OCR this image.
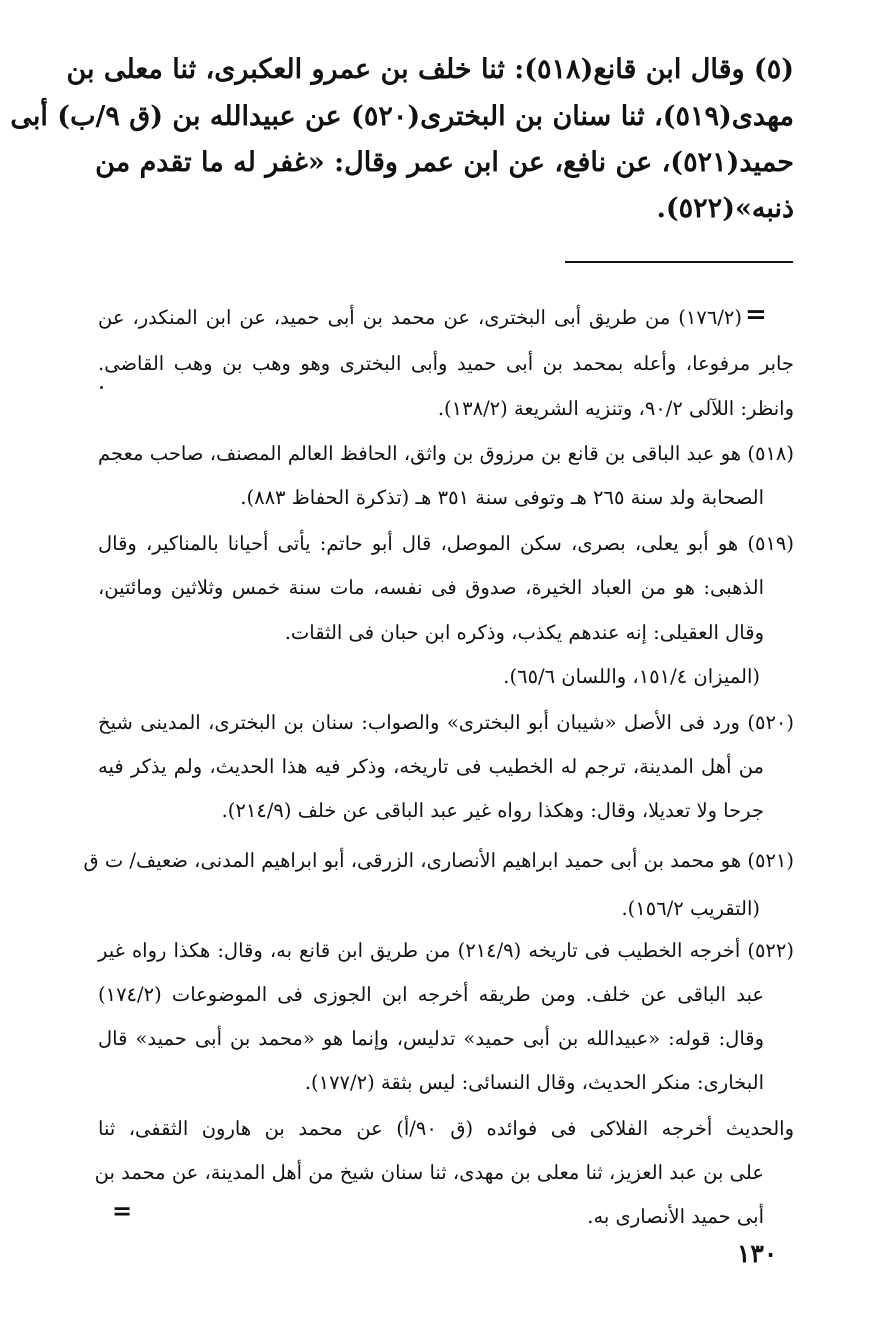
(٥) وقال ابن قانع(٥١٨): ثنا خلف بن عمرو العكبرى، ثنا معلى بن
مهدى(٥١٩)، ثنا سنان بن البخترى(٥٢٠) عن عبيدالله بن (ق ٩/ب) أبى
حميد(٥٢١)، عن نافع، عن ابن عمر وقال: «غفر له ما تقدم من
ذنبه»(٥٢٢).
=
(١٧٦/٢) من طريق أبى البخترى، عن محمد بن أبى حميد، عن ابن المنكدر، عن
جابر مرفوعا، وأعله بمحمد بن أبى حميد وأبى البخترى وهو وهب بن وهب القاضى.
وانظر: اللآلى ٩٠/٢، وتنزيه الشريعة (١٣٨/٢).
(٥١٨) هو عبد الباقى بن قانع بن مرزوق بن واثق، الحافظ العالم المصنف، صاحب معجم
الصحابة ولد سنة ٢٦٥ هـ وتوفى سنة ٣٥١ هـ (تذكرة الحفاظ ٨٨٣).
(٥١٩) هو أبو يعلى، بصرى، سكن الموصل، قال أبو حاتم: يأتى أحيانا بالمناكير، وقال
الذهبى: هو من العباد الخيرة، صدوق فى نفسه، مات سنة خمس وثلاثين ومائتين،
وقال العقيلى: إنه عندهم يكذب، وذكره ابن حبان فى الثقات.
(الميزان ١٥١/٤، واللسان ٦٥/٦).
(٥٢٠) ورد فى الأصل «شيبان أبو البخترى» والصواب: سنان بن البخترى، المدينى شيخ
من أهل المدينة، ترجم له الخطيب فى تاريخه، وذكر فيه هذا الحديث، ولم يذكر فيه
جرحا ولا تعديلا، وقال: وهكذا رواه غير عبد الباقى عن خلف (٢١٤/٩).
(٥٢١) هو محمد بن أبى حميد ابراهيم الأنصارى، الزرقى، أبو ابراهيم المدنى، ضعيف/ ت ق
(التقريب ١٥٦/٢).
(٥٢٢) أخرجه الخطيب فى تاريخه (٢١٤/٩) من طريق ابن قانع به، وقال: هكذا رواه غير
عبد الباقى عن خلف. ومن طريقه أخرجه ابن الجوزى فى الموضوعات (١٧٤/٢)
وقال: قوله: «عبيدالله بن أبى حميد» تدليس، وإنما هو «محمد بن أبى حميد» قال
البخارى: منكر الحديث، وقال النسائى: ليس بثقة (١٧٧/٢).
والحديث أخرجه الفلاكى فى فوائده (ق ٩٠/أ) عن محمد بن هارون الثقفى، ثنا
على بن عبد العزيز، ثنا معلى بن مهدى، ثنا سنان شيخ من أهل المدينة، عن محمد بن
أبى حميد الأنصارى به.
=
١٣٠
